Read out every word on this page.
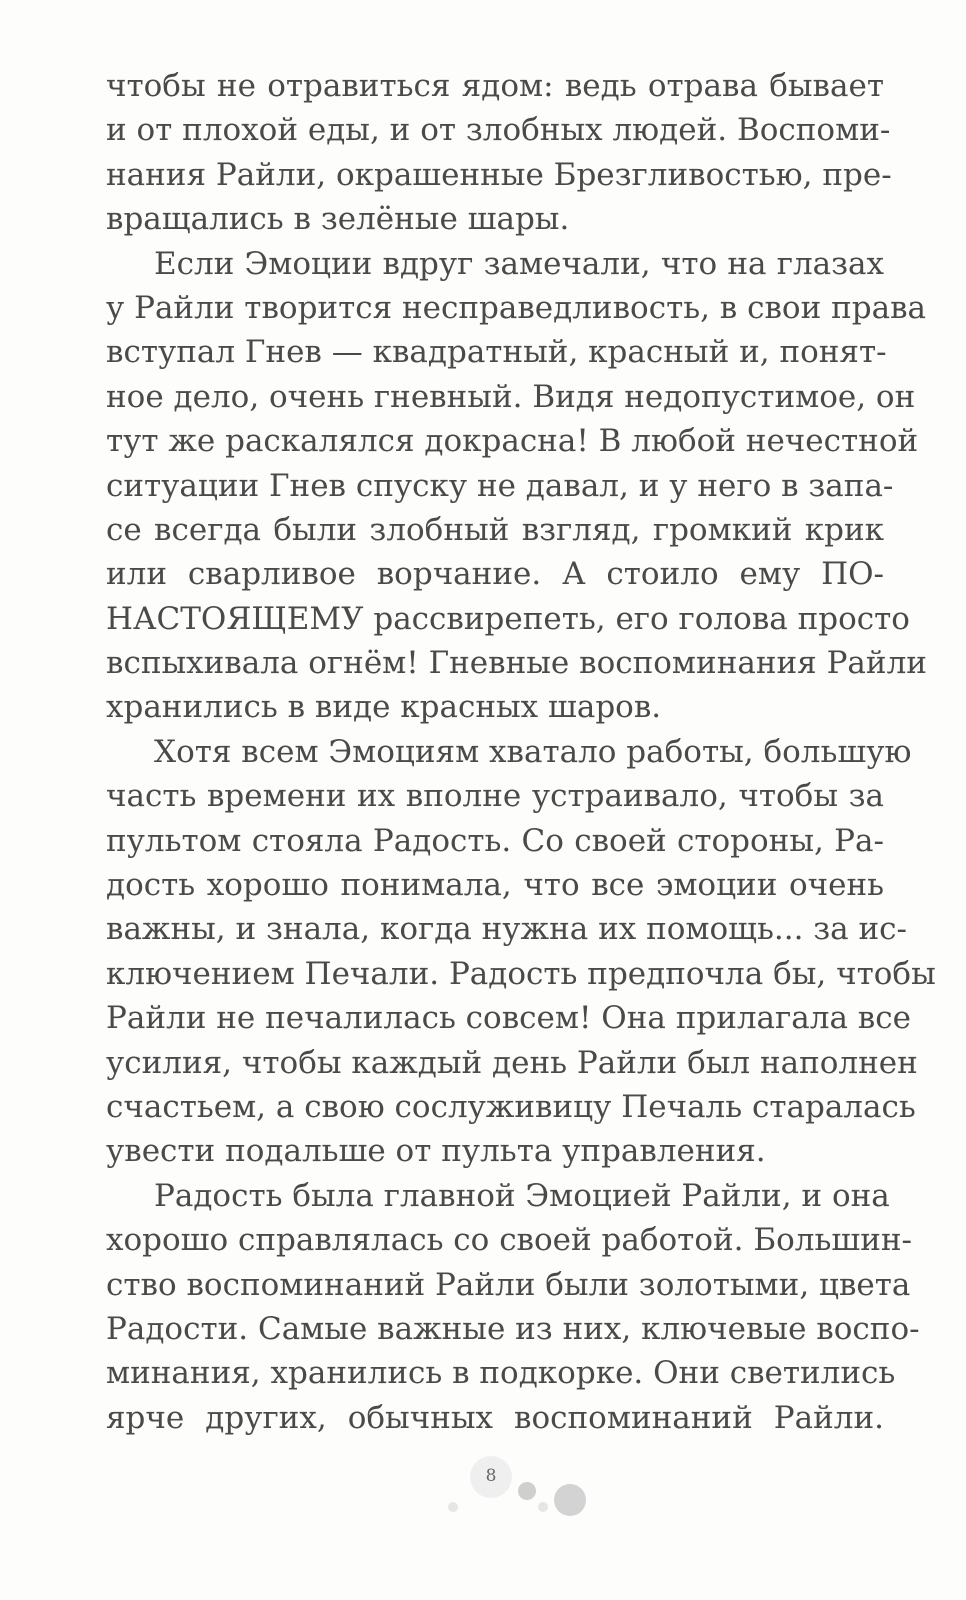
чтобы не отравиться ядом: ведь отрава бывает
и от плохой еды, и от злобных людей. Воспоми-
нания Райли, окрашенные Брезгливостью, пре-
вращались в зелёные шары.
Если Эмоции вдруг замечали, что на глазах
у Райли творится несправедливость, в свои права
вступал Гнев — квадратный, красный и, понят-
ное дело, очень гневный. Видя недопустимое, он
тут же раскалялся докрасна! В любой нечестной
ситуации Гнев спуску не давал, и у него в запа-
се всегда были злобный взгляд, громкий крик
или сварливое ворчание. А стоило ему ПО-
НАСТОЯЩЕМУ рассвирепеть, его голова просто
вспыхивала огнём! Гневные воспоминания Райли
хранились в виде красных шаров.
Хотя всем Эмоциям хватало работы, большую
часть времени их вполне устраивало, чтобы за
пультом стояла Радость. Со своей стороны, Ра-
дость хорошо понимала, что все эмоции очень
важны, и знала, когда нужна их помощь... за ис-
ключением Печали. Радость предпочла бы, чтобы
Райли не печалилась совсем! Она прилагала все
усилия, чтобы каждый день Райли был наполнен
счастьем, а свою сослуживицу Печаль старалась
увести подальше от пульта управления.
Радость была главной Эмоцией Райли, и она
хорошо справлялась со своей работой. Большин-
ство воспоминаний Райли были золотыми, цвета
Радости. Самые важные из них, ключевые воспо-
минания, хранились в подкорке. Они светились
ярче других, обычных воспоминаний Райли.
8
